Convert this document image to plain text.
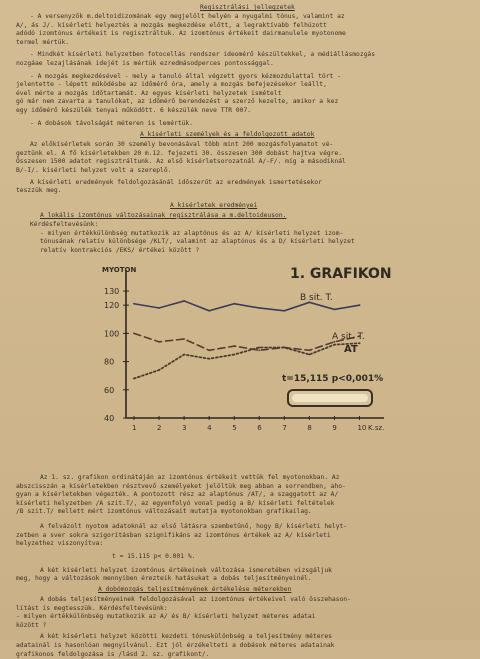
Regisztrálási jellegzetek
- A versenyzők m.deltoidizomának egy megjelölt helyén a nyugalmi tónus, valamint az
A/, ás J/. kísérleti helyeztés a mozgás megkezdése előtt, a legraktívabb felhúzott
adódó izomtónus értékeit is regisztráltuk. Az izomtónus értékeit dairmanulele myotonome
termel mértük.
- Mindkét kísérleti helyzetben fotocellás rendszer ideomérő készültekkel, a médiállásmozgás
nozgáae lezajlásának idejét is mértük ezredmásodperces pontossággal.
- A mozgás megkezdésével - mely a tanuló által végzett gyors kézmozdulattal tört -
jelentette - lépett működésbe az időmérő óra, amely a mozgás befejezésekor leállt,
ével mérte a mozgás időtartamát. Az egyes kísérleti helyzetek ismételt
gó már nem zavarta a tanulókat, az időmérő berendezést a szerző kezelte, amikor a kez
egy időmérő készülék tenyai működött. 6 készülék neve TTR 007.
- A dobások távolságát méteren is lemértük.
A kísérleti személyek és a feldolgozott adatok
Az előkísérletek során 30 személy bevonásával több mint 200 mozgásfolyamatot vé-
geztünk el. A fő kísérletekben 20 m.12. fejezeti 30. összesen 300 dobást hajtva végre.
Összesen 1500 adatot regisztráltunk. Az első kísérletsorozatnál A/-F/. míg a másodiknál
B/-I/. kísérleti helyzet volt a szereplő.
A kísérleti eredmények feldolgozásánál időszerűt az eredmények ismertetésekor
teszzük meg.
A kísérletek eredményei
A lokális izomtónus változásainak regisztrálása a m.deltoideuson.
Kérdésfeltevésünk:
- milyen értékkülönbség mutatkozik az alaptónus és az A/ kísérleti helyzet izom-
tónusának relatív különbsége /KLT/, valamint az alaptónus és a D/ kísérleti helyzet
relatív kontrakciós /EKS/ értékei között ?
Az 1. sz. grafikon ordinátáján az izomtónus értékeit vettük fel myotonokban. Az
abszcisszán a kísérletekben résztvevő személyeket jelöltük meg abban a sorrendben, aho-
gyan a kísérletekben végezték. A pontozott rész az alaptónus /AT/, a szaggatott az A/
kísérleti helyzetben /A szit.T/, az egyenfolyó vonal pedig a B/ kísérleti feltételek
/B szit.T/ mellett mért izomtónus változásait mutatja myotonokban grafikailag.
A felvázolt nyotom adatoknál az első látásra szembetűnő, hogy B/ kísérleti helyt-
zetben a sver sokra szigorításban szignifikáns az izomtónus értékek az A/ kísérleti
helyzethez viszonyítva:
t = 15.115 p< 0.001 %.
A két kísérleti helyzet izomtónus értékeinek változása ismeretében vizsgáljuk
meg, hogy a változások mennyiben érezteik hatásukat a dobás teljesítményeinél.
A dobómozgás teljesítményének értékelése méterekben
A dobás teljesítményeinek feldolgozásával az izomtónus értékeivel való összehason-
lítást is megtesszük. Kérdésfeltevésünk:
- milyen értékkülönbség mutatkozik az A/ és B/ kísérleti helyzet méteres adatai
között ?
A két kísérleti helyzet közötti kezdeti tónuskülönbség a teljesítmény méteres
adatainál is hasonlóan megnyilvánul. Ezt jól érzékelteti a dobások méteres adatainak
grafikonos feldolgozása is /lásd 2. sz. grafikont/.
MYOTON
40
60
80
100
120
130
1	2	3	4	5	6	7	8	9	10 K.sz.
B sit. T.
A sit. T.
AT
1. GRAFIKON
t=15,115 p<0,001%
